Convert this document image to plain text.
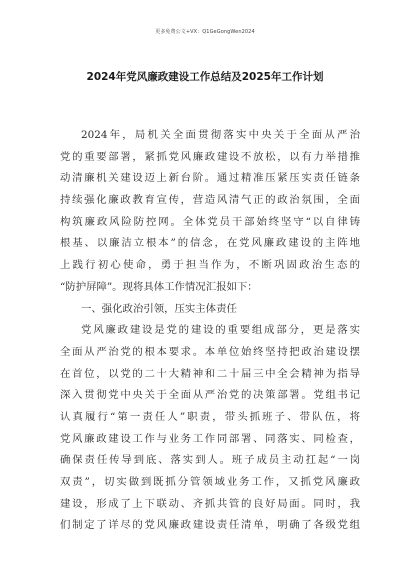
更多免费公文+VX：Q1GeGongWen2024
2024年党风廉政建设工作总结及2025年工作计划
2024年，局机关全面贯彻落实中央关于全面从严治
党的重要部署，紧抓党风廉政建设不放松，以有力举措推
动清廉机关建设迈上新台阶。通过精准压紧压实责任链条
持续强化廉政教育宣传，营造风清气正的政治氛围，全面
构筑廉政风险防控网。全体党员干部始终坚守“以自律铸
根基、以廉洁立根本”的信念，在党风廉政建设的主阵地
上践行初心使命，勇于担当作为，不断巩固政治生态的
“防护屏障”。现将具体工作情况汇报如下：
一、强化政治引领，压实主体责任
党风廉政建设是党的建设的重要组成部分，更是落实
全面从严治党的根本要求。本单位始终坚持把政治建设摆
在首位，以党的二十大精神和二十届三中全会精神为指导
深入贯彻党中央关于全面从严治党的决策部署。党组书记
认真履行“第一责任人”职责，带头抓班子、带队伍，将
党风廉政建设工作与业务工作同部署、同落实、同检查，
确保责任传导到底、落实到人。班子成员主动扛起“一岗
双责”，切实做到既抓分管领域业务工作，又抓党风廉政
建设，形成了上下联动、齐抓共管的良好局面。同时，我
们制定了详尽的党风廉政建设责任清单，明确了各级党组
